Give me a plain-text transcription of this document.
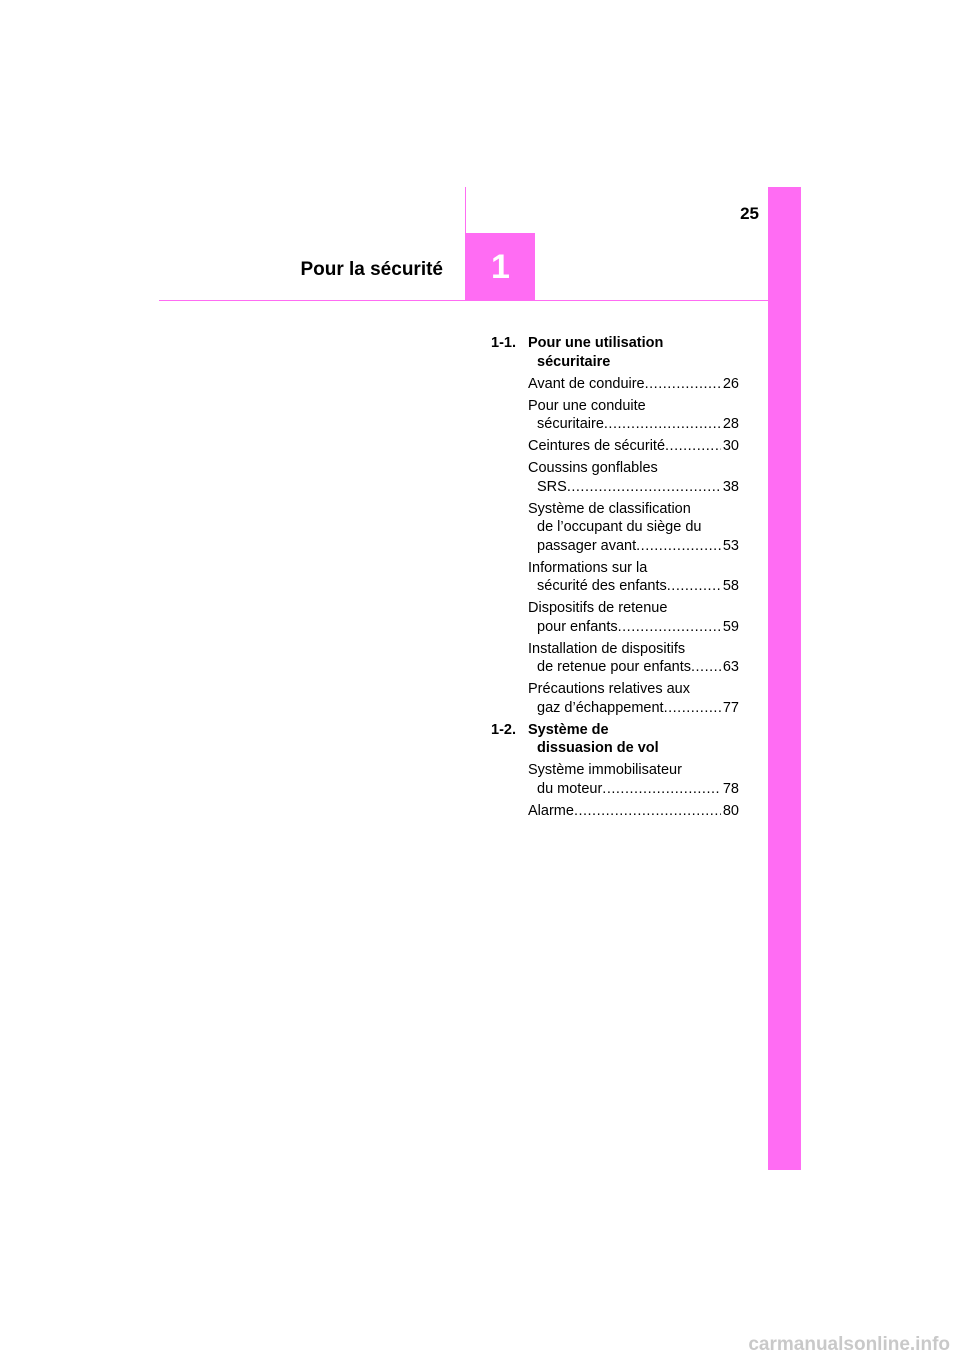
1
25
Pour la sécurité
1-1. Pour une utilisation
sécuritaire
Avant de conduire .....	26
Pour une conduite
sécuritaire .....	28
Ceintures de sécurité .....	30
Coussins gonflables
SRS .....	38
Système de classification
de l’occupant du siège du
passager avant .....	53
Informations sur la
sécurité des enfants .....	58
Dispositifs de retenue
pour enfants .....	59
Installation de dispositifs
de retenue pour enfants ..... 63
Précautions relatives aux
gaz d’échappement .....	77
1-2. Système de
dissuasion de vol
Système immobilisateur
du moteur .....	78
Alarme .....	80
carmanualsonline.info
